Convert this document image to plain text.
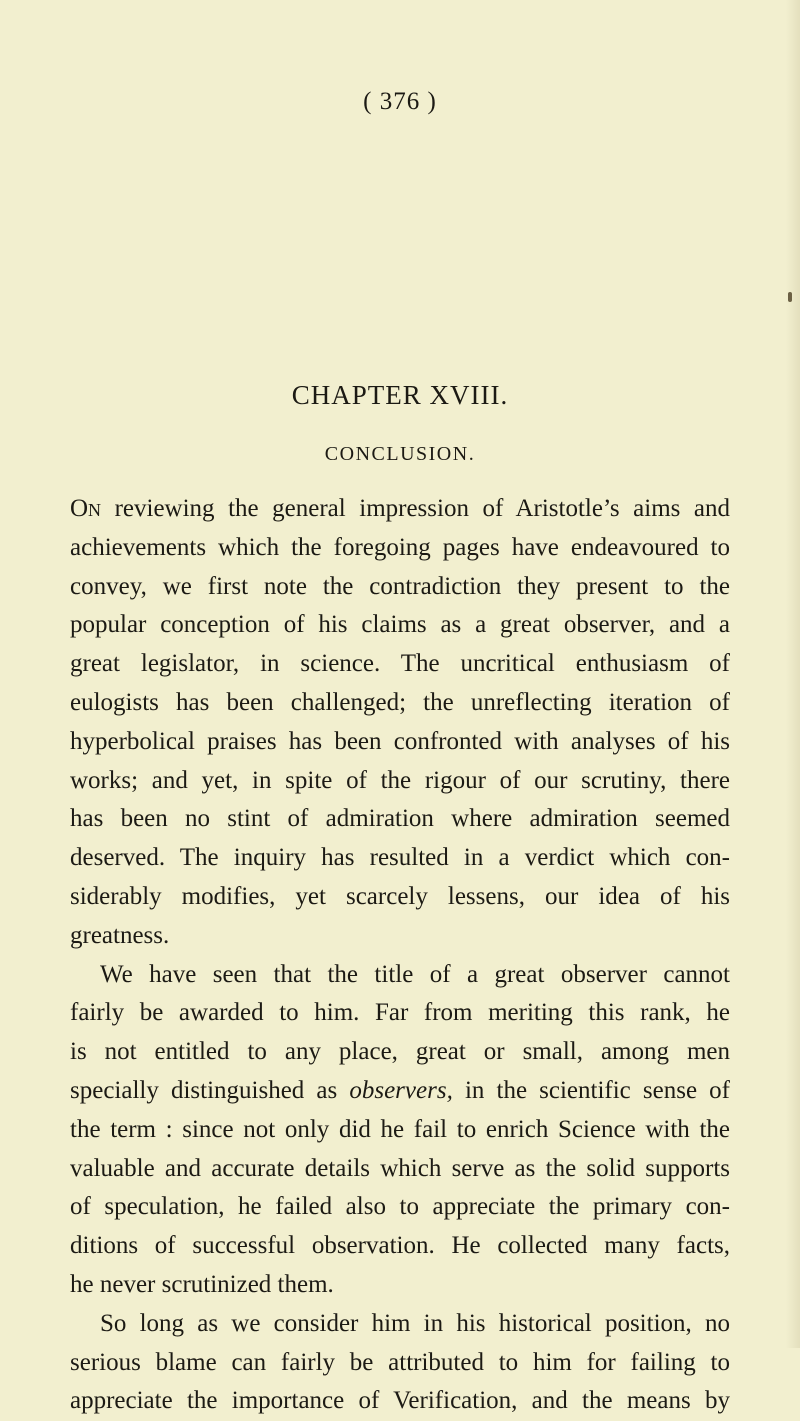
( 376 )
CHAPTER XVIII.
CONCLUSION.
On reviewing the general impression of Aristotle’s aims and
achievements which the foregoing pages have endeavoured to
convey, we first note the contradiction they present to the
popular conception of his claims as a great observer, and a
great legislator, in science. The uncritical enthusiasm of
eulogists has been challenged; the unreflecting iteration of
hyperbolical praises has been confronted with analyses of his
works; and yet, in spite of the rigour of our scrutiny, there
has been no stint of admiration where admiration seemed
deserved. The inquiry has resulted in a verdict which con-
siderably modifies, yet scarcely lessens, our idea of his
greatness.
We have seen that the title of a great observer cannot
fairly be awarded to him. Far from meriting this rank, he
is not entitled to any place, great or small, among men
specially distinguished as observers, in the scientific sense of
the term : since not only did he fail to enrich Science with the
valuable and accurate details which serve as the solid supports
of speculation, he failed also to appreciate the primary con-
ditions of successful observation. He collected many facts,
he never scrutinized them.
So long as we consider him in his historical position, no
serious blame can fairly be attributed to him for failing to
appreciate the importance of Verification, and the means by
